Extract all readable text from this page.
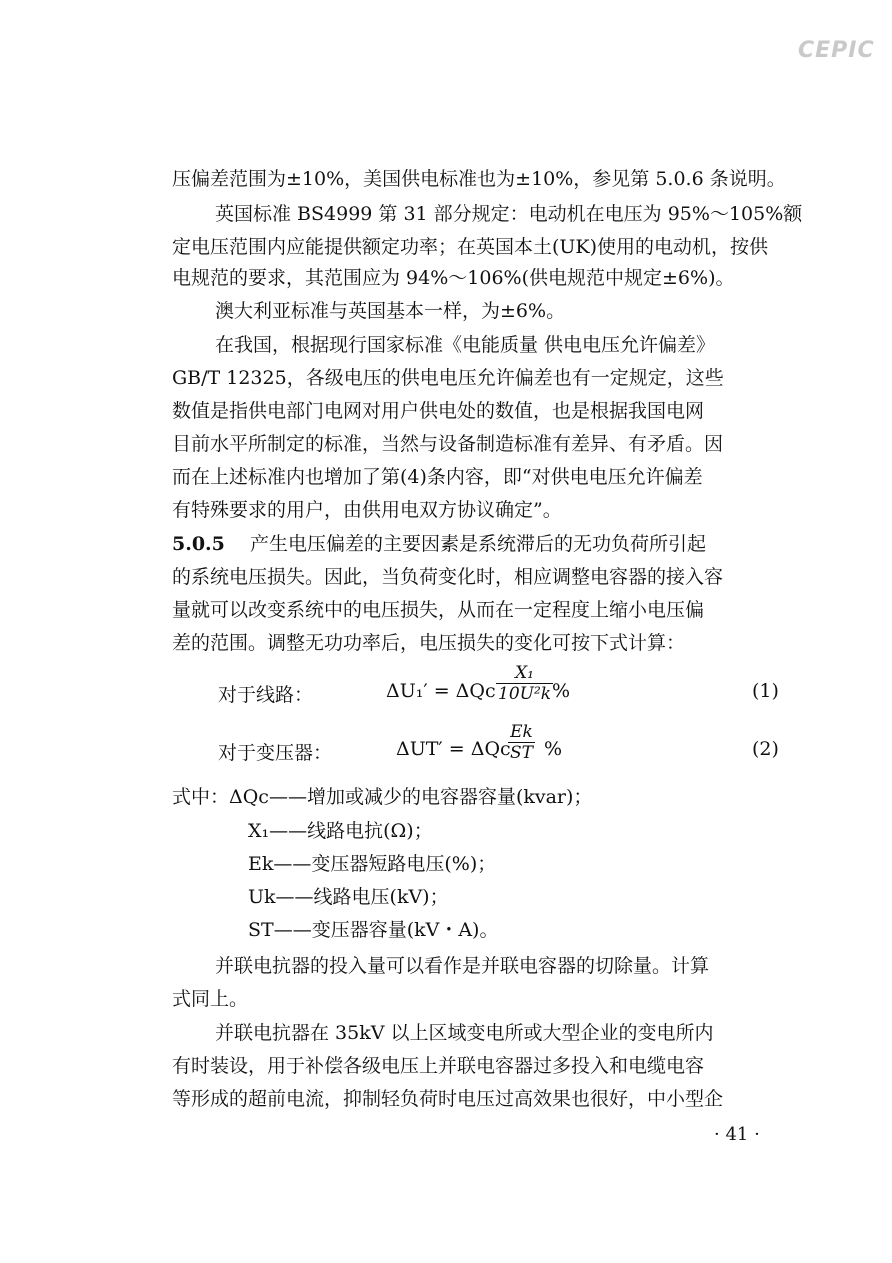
CEPIC
压偏差范围为±10%，美国供电标准也为±10%，参见第 5.0.6 条说明。
英国标准 BS4999 第 31 部分规定：电动机在电压为 95%～105%额
定电压范围内应能提供额定功率；在英国本土(UK)使用的电动机，按供
电规范的要求，其范围应为 94%～106%(供电规范中规定±6%)。
澳大利亚标准与英国基本一样，为±6%。
在我国，根据现行国家标准《电能质量 供电电压允许偏差》
GB/T 12325，各级电压的供电电压允许偏差也有一定规定，这些
数值是指供电部门电网对用户供电处的数值，也是根据我国电网
目前水平所制定的标准，当然与设备制造标准有差异、有矛盾。因
而在上述标准内也增加了第(4)条内容，即“对供电电压允许偏差
有特殊要求的用户，由供用电双方协议确定”。
5.0.5 产生电压偏差的主要因素是系统滞后的无功负荷所引起
的系统电压损失。因此，当负荷变化时，相应调整电容器的接入容
量就可以改变系统中的电压损失，从而在一定程度上缩小电压偏
差的范围。调整无功功率后，电压损失的变化可按下式计算：
对于线路：	ΔU₁′ = ΔQc $\frac{\text{X₁}}{\text{10U²k}}$
%	(1)
对于变压器：	ΔUT′ = ΔQc
$\frac{Ek}{ST}$ %	(2)
式中：ΔQc——增加或减少的电容器容量(kvar)；
X₁——线路电抗(Ω)；
Ek——变压器短路电压(%)；
Uk——线路电压(kV)；
ST——变压器容量(kV・A)。
并联电抗器的投入量可以看作是并联电容器的切除量。计算
式同上。
并联电抗器在 35kV 以上区域变电所或大型企业的变电所内
有时装设，用于补偿各级电压上并联电容器过多投入和电缆电容
等形成的超前电流，抑制轻负荷时电压过高效果也很好，中小型企
· 41 ·
